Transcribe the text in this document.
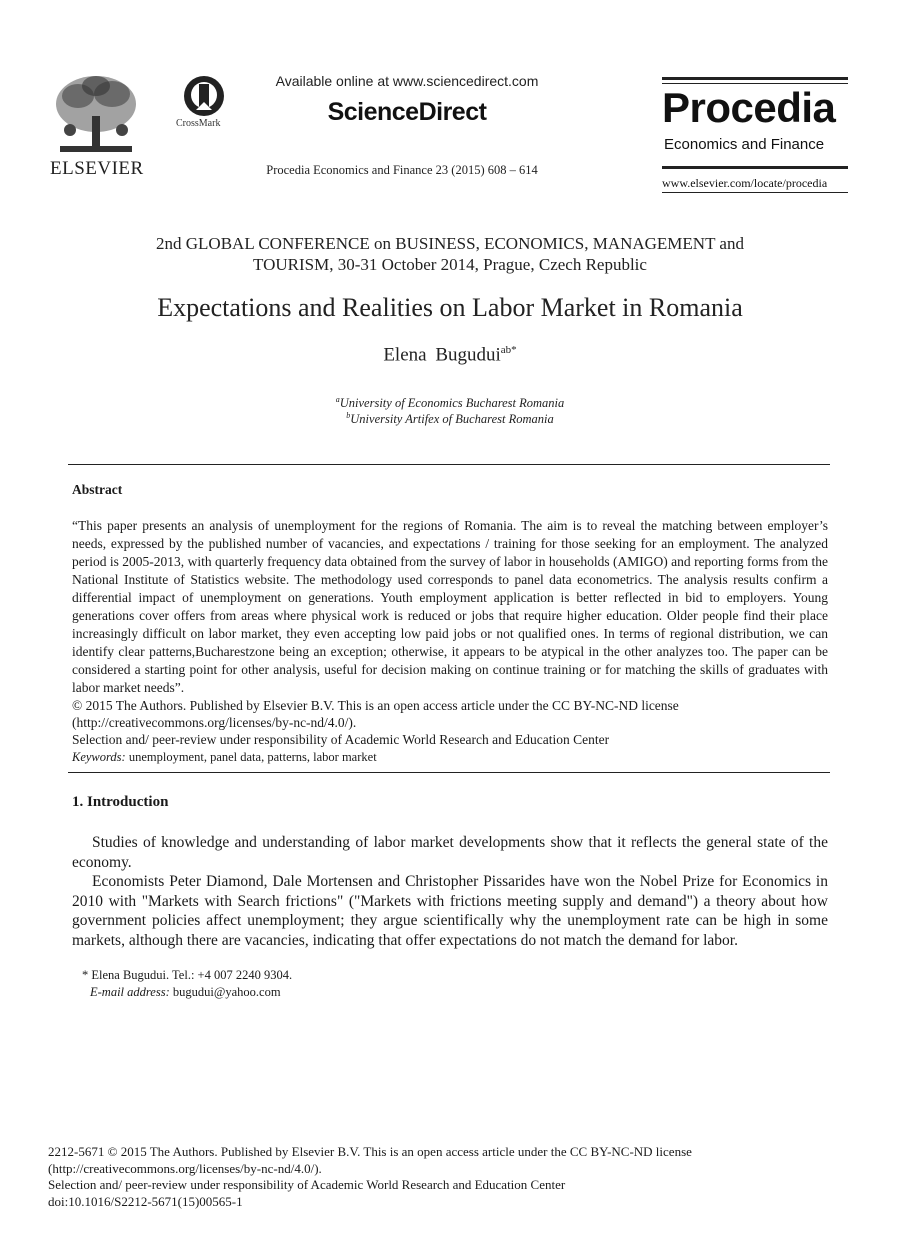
ELSEVIER
CrossMark
Available online at www.sciencedirect.com
ScienceDirect
Procedia Economics and Finance 23 (2015) 608 – 614
Procedia
Economics and Finance
www.elsevier.com/locate/procedia
2nd GLOBAL CONFERENCE on BUSINESS, ECONOMICS, MANAGEMENT and
TOURISM, 30-31 October 2014, Prague, Czech Republic
Expectations and Realities on Labor Market in Romania
Elena Bugudui$^{ab*}$
$^a$University of Economics Bucharest Romania
$^b$University Artifex of Bucharest Romania
Abstract
“This paper presents an analysis of unemployment for the regions of Romania. The aim is to reveal the matching between employer’s needs, expressed by the published number of vacancies, and expectations / training for those seeking for an employment. The analyzed period is 2005-2013, with quarterly frequency data obtained from the survey of labor in households (AMIGO) and reporting forms from the National Institute of Statistics website. The methodology used corresponds to panel data econometrics. The analysis results confirm a differential impact of unemployment on generations. Youth employment application is better reflected in bid to employers. Young generations cover offers from areas where physical work is reduced or jobs that require higher education. Older people find their place increasingly difficult on labor market, they even accepting low paid jobs or not qualified ones. In terms of regional distribution, we can identify clear patterns,Bucharestzone being an exception; otherwise, it appears to be atypical in the other analyzes too. The paper can be considered a starting point for other analysis, useful for decision making on continue training or for matching the skills of graduates with labor market needs”.
© 2015 The Authors. Published by Elsevier B.V. This is an open access article under the CC BY-NC-ND license
(http://creativecommons.org/licenses/by-nc-nd/4.0/).
Selection and/ peer-review under responsibility of Academic World Research and Education Center
Keywords: unemployment, panel data, patterns, labor market
1. Introduction

Studies of knowledge and understanding of labor market developments show that it reflects the general state of the economy.

Economists Peter Diamond, Dale Mortensen and Christopher Pissarides have won the Nobel Prize for Economics in 2010 with "Markets with Search frictions" ("Markets with frictions meeting supply and demand") a theory about how government policies affect unemployment; they argue scientifically why the unemployment rate can be high in some markets, although there are vacancies, indicating that offer expectations do not match the demand for labor.

* Elena Bugudui. Tel.: +4 007 2240 9304.
E-mail address: bugudui@yahoo.com
2212-5671 © 2015 The Authors. Published by Elsevier B.V. This is an open access article under the CC BY-NC-ND license
(http://creativecommons.org/licenses/by-nc-nd/4.0/).
Selection and/ peer-review under responsibility of Academic World Research and Education Center
doi:10.1016/S2212-5671(15)00565-1
